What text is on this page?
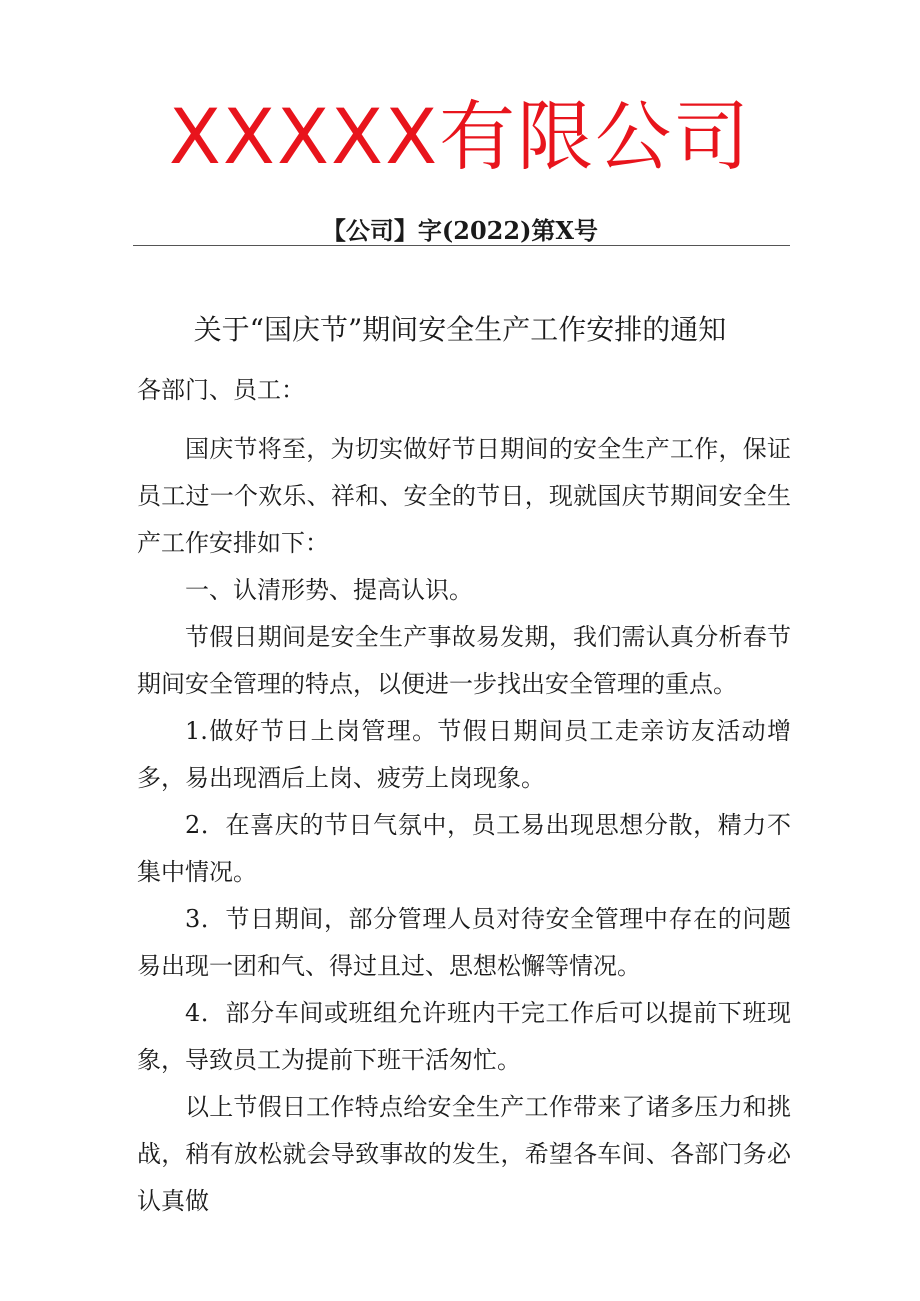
XXXXX有限公司
【公司】字(2022)第X号
关于“国庆节”期间安全生产工作安排的通知
各部门、员工：

国庆节将至，为切实做好节日期间的安全生产工作，保证员工过一个欢乐、祥和、安全的节日，现就国庆节期间安全生产工作安排如下：

一、认清形势、提高认识。

节假日期间是安全生产事故易发期，我们需认真分析春节期间安全管理的特点，以便进一步找出安全管理的重点。

1.做好节日上岗管理。节假日期间员工走亲访友活动增多，易出现酒后上岗、疲劳上岗现象。

2．在喜庆的节日气氛中，员工易出现思想分散，精力不集中情况。

3．节日期间，部分管理人员对待安全管理中存在的问题易出现一团和气、得过且过、思想松懈等情况。

4．部分车间或班组允许班内干完工作后可以提前下班现象，导致员工为提前下班干活匆忙。

以上节假日工作特点给安全生产工作带来了诸多压力和挑战，稍有放松就会导致事故的发生，希望各车间、各部门务必认真做
